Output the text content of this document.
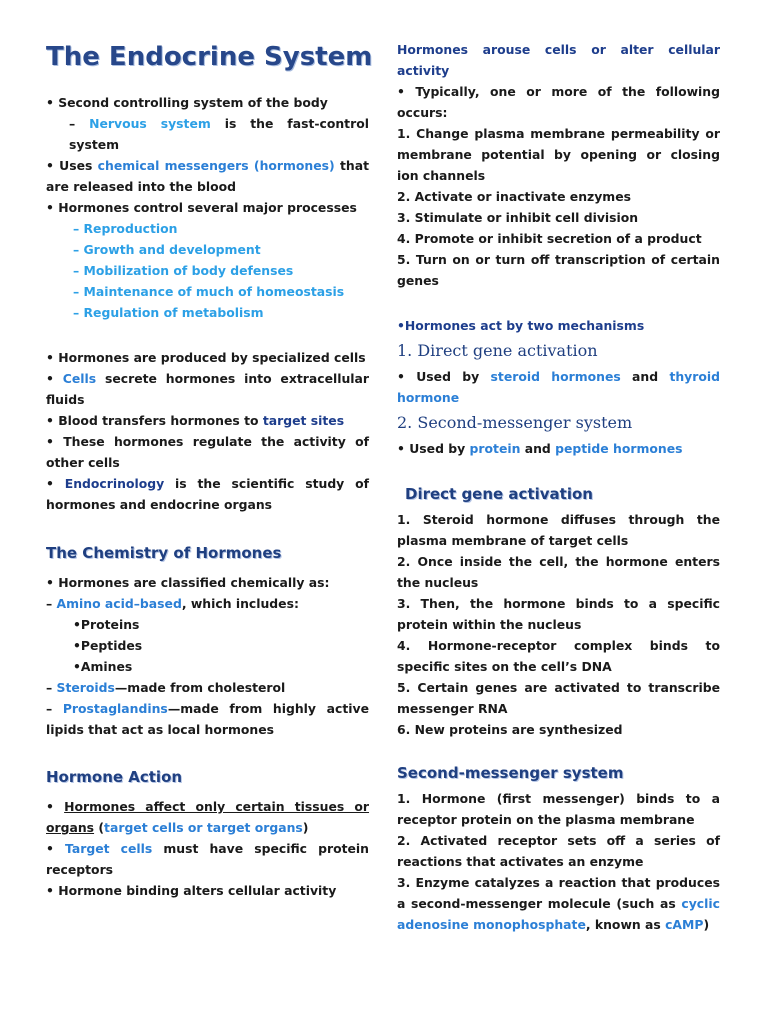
The Endocrine System

• Second controlling system of the body

– Nervous system is the fast-control system

• Uses chemical messengers (hormones) that are released into the blood

• Hormones control several major processes

– Reproduction

– Growth and development

– Mobilization of body defenses

– Maintenance of much of homeostasis

– Regulation of metabolism

• Hormones are produced by specialized cells

• Cells secrete hormones into extracellular fluids

• Blood transfers hormones to target sites

• These hormones regulate the activity of other cells

• Endocrinology is the scientific study of hormones and endocrine organs

The Chemistry of Hormones

• Hormones are classified chemically as:

– Amino acid–based, which includes:

•Proteins

•Peptides

•Amines

– Steroids—made from cholesterol

– Prostaglandins—made from highly active lipids that act as local hormones

Hormone Action

• Hormones affect only certain tissues or organs (target cells or target organs)

• Target cells must have specific protein receptors

• Hormone binding alters cellular activity

Hormones arouse cells or alter cellular activity

• Typically, one or more of the following occurs:

1. Change plasma membrane permeability or membrane potential by opening or closing ion channels

2. Activate or inactivate enzymes

3. Stimulate or inhibit cell division

4. Promote or inhibit secretion of a product

5. Turn on or turn off transcription of certain genes

•Hormones act by two mechanisms

1. Direct gene activation

• Used by steroid hormones and thyroid hormone

2. Second-messenger system

• Used by protein and peptide hormones

Direct gene activation

1. Steroid hormone diffuses through the plasma membrane of target cells

2. Once inside the cell, the hormone enters the nucleus

3. Then, the hormone binds to a specific protein within the nucleus

4. Hormone-receptor complex binds to specific sites on the cell’s DNA

5. Certain genes are activated to transcribe messenger RNA

6. New proteins are synthesized

Second-messenger system

1. Hormone (first messenger) binds to a receptor protein on the plasma membrane

2. Activated receptor sets off a series of reactions that activates an enzyme

3. Enzyme catalyzes a reaction that produces a second-messenger molecule (such as cyclic adenosine monophosphate, known as cAMP)
